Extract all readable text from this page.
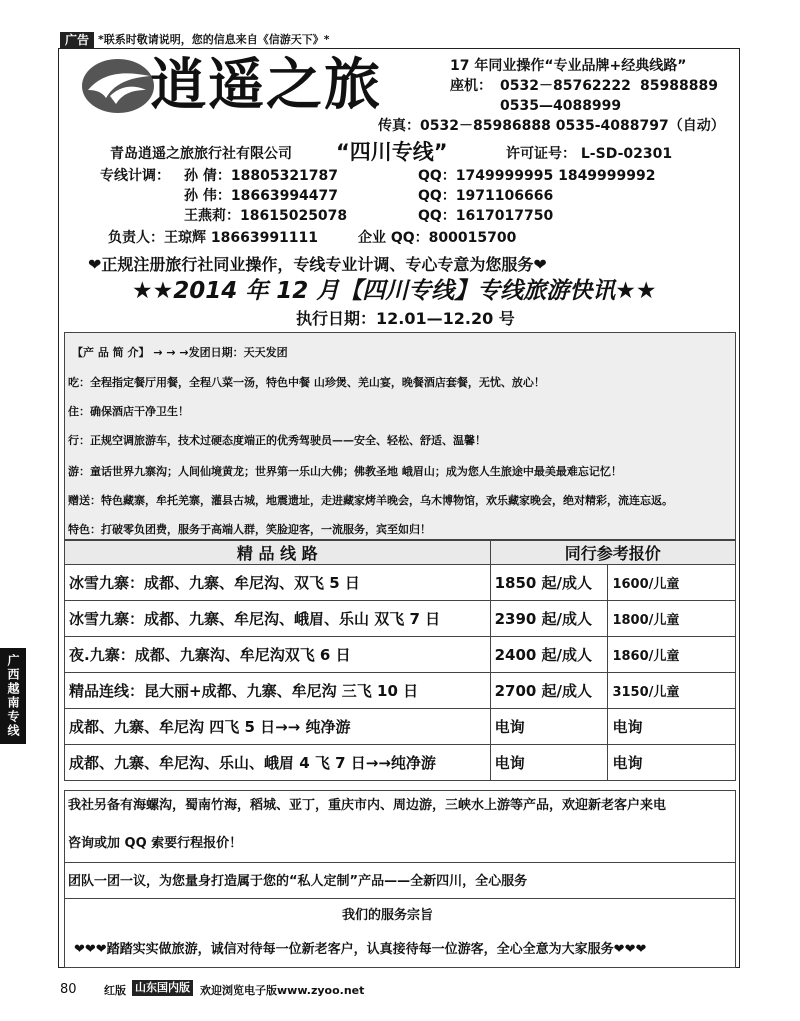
广告 *联系时敬请说明，您的信息来自《信游天下》*
逍遥之旅	17 年同业操作“专业品牌+经典线路”
座机： 0532－85762222 85988889
0535—4088999
传真：0532－85986888 0535-4088797（自动）
青岛逍遥之旅旅行社有限公司 “四川专线”	许可证号： L-SD-02301
专线计调： 孙 倩：18805321787	QQ：1749999995 1849999992
孙 伟：18663994477	QQ：1971106666
王燕莉：18615025078	QQ：1617017750
负责人：王琼辉 18663991111	企业 QQ：800015700
❤正规注册旅行社同业操作，专线专业计调、专心专意为您服务❤
★★2014 年 12 月【四川专线】专线旅游快讯★★
执行日期：12.01—12.20 号
【产 品 简 介】 → → →发团日期：天天发团
吃：全程指定餐厅用餐，全程八菜一汤，特色中餐 山珍煲、羌山宴，晚餐酒店套餐，无忧、放心！
住：确保酒店干净卫生！
行：正规空调旅游车，技术过硬态度端正的优秀驾驶员——安全、轻松、舒适、温馨！
游：童话世界九寨沟；人间仙境黄龙；世界第一乐山大佛；佛教圣地 峨眉山；成为您人生旅途中最美最难忘记忆！
赠送：特色藏寨，牟托羌寨，灌县古城，地震遗址，走进藏家烤羊晚会，乌木博物馆，欢乐藏家晚会，绝对精彩，流连忘返。
特色：打破零负团费，服务于高端人群，笑脸迎客，一流服务，宾至如归！
精 品 线 路	同行参考报价	
冰雪九寨：成都、九寨、牟尼沟、双飞 5 日	1850 起/成人	1600/儿童
冰雪九寨：成都、九寨、牟尼沟、峨眉、乐山 双飞 7 日	2390 起/成人	1800/儿童
夜.九寨：成都、九寨沟、牟尼沟双飞 6 日	2400 起/成人	1860/儿童
精品连线：昆大丽+成都、九寨、牟尼沟 三飞 10 日	2700 起/成人	3150/儿童
成都、九寨、牟尼沟 四飞 5 日→→ 纯净游	电询	电询
成都、九寨、牟尼沟、乐山、峨眉 4 飞 7 日→→纯净游	电询	电询
我社另备有海螺沟，蜀南竹海，稻城、亚丁，重庆市内、周边游，三峡水上游等产品，欢迎新老客户来电
咨询或加 QQ 索要行程报价！
团队一团一议，为您量身打造属于您的“私人定制”产品——全新四川，全心服务
我们的服务宗旨
❤❤❤踏踏实实做旅游，诚信对待每一位新老客户，认真接待每一位游客，全心全意为大家服务❤❤❤
广西越南专线
80 红版 山东国内版 欢迎浏览电子版www.zyoo.net
